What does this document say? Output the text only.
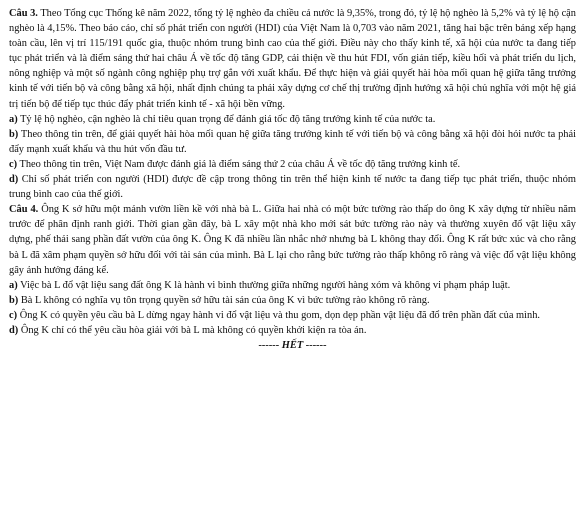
Câu 3. Theo Tổng cục Thống kê năm 2022, tổng tỷ lệ nghèo đa chiều cả nước là 9,35%, trong đó, tỷ lệ hộ nghèo là 5,2% và tỷ lệ hộ cận nghèo là 4,15%. Theo báo cáo, chỉ số phát triển con người (HDI) của Việt Nam là 0,703 vào năm 2021, tăng hai bậc trên bảng xếp hạng toàn cầu, lên vị trí 115/191 quốc gia, thuộc nhóm trung bình cao của thế giới. Điều này cho thấy kinh tế, xã hội của nước ta đang tiếp tục phát triển và là điểm sáng thứ hai châu Á về tốc độ tăng GDP, cải thiện về thu hút FDI, vốn giản tiếp, kiều hối và phát triển du lịch, nông nghiệp và một số ngành công nghiệp phụ trợ gắn với xuất khẩu. Để thực hiện và giải quyết hài hòa mối quan hệ giữa tăng trưởng kinh tế với tiến bộ và công bằng xã hội, nhất định chúng ta phải xây dựng cơ chế thị trường định hướng xã hội chủ nghĩa với một hệ giá trị tiến bộ để tiếp tục thúc đẩy phát triển kinh tế - xã hội bền vững.

a) Tỷ lệ hộ nghèo, cận nghèo là chỉ tiêu quan trọng để đánh giá tốc độ tăng trưởng kinh tế của nước ta.

b) Theo thông tin trên, để giải quyết hài hòa mối quan hệ giữa tăng trưởng kinh tế với tiến bộ và công bằng xã hội đòi hỏi nước ta phải đẩy mạnh xuất khẩu và thu hút vốn đầu tư.

c) Theo thông tin trên, Việt Nam được đánh giá là điểm sáng thứ 2 của châu Á về tốc độ tăng trưởng kinh tế.

d) Chỉ số phát triển con người (HDI) được đề cập trong thông tin trên thể hiện kinh tế nước ta đang tiếp tục phát triển, thuộc nhóm trung bình cao của thế giới.

Câu 4. Ông K sở hữu một mảnh vườn liền kề với nhà bà L. Giữa hai nhà có một bức tường rào thấp do ông K xây dựng từ nhiều năm trước để phân định ranh giới. Thời gian gần đây, bà L xây một nhà kho mới sát bức tường rào này và thường xuyên đổ vật liệu xây dựng, phế thải sang phần đất vườn của ông K. Ông K đã nhiều lần nhắc nhở nhưng bà L không thay đổi. Ông K rất bức xúc và cho rằng bà L đã xâm phạm quyền sở hữu đối với tài sản của mình. Bà L lại cho rằng bức tường rào thấp không rõ ràng và việc đổ vật liệu không gây ảnh hưởng đáng kể.

a) Việc bà L đổ vật liệu sang đất ông K là hành vi bình thường giữa những người hàng xóm và không vi phạm pháp luật.

b) Bà L không có nghĩa vụ tôn trọng quyền sở hữu tài sản của ông K vì bức tường rào không rõ ràng.

c) Ông K có quyền yêu cầu bà L dừng ngay hành vi đổ vật liệu và thu gom, dọn dẹp phần vật liệu đã đổ trên phần đất của mình.

d) Ông K chỉ có thể yêu cầu hòa giải với bà L mà không có quyền khởi kiện ra tòa án.

------ HẾT ------
